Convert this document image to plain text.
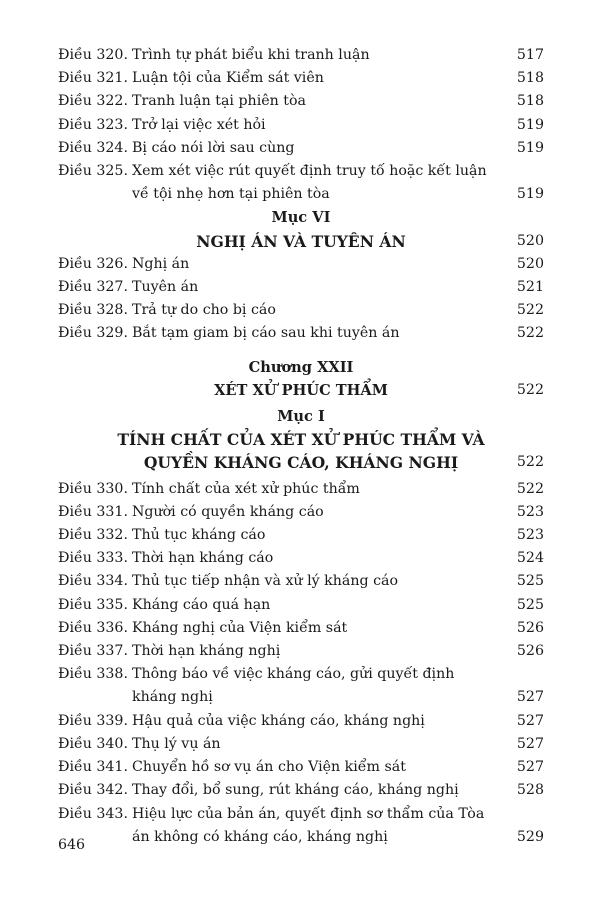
Điều 320. Trình tự phát biểu khi tranh luận	517
Điều 321. Luận tội của Kiểm sát viên	518
Điều 322. Tranh luận tại phiên tòa	518
Điều 323. Trở lại việc xét hỏi	519
Điều 324. Bị cáo nói lời sau cùng	519
Điều 325. Xem xét việc rút quyết định truy tố hoặc kết luận về tội nhẹ hơn tại phiên tòa	519
Mục VI
NGHỊ ÁN VÀ TUYÊN ÁN	520
Điều 326. Nghị án	520
Điều 327. Tuyên án	521
Điều 328. Trả tự do cho bị cáo	522
Điều 329. Bắt tạm giam bị cáo sau khi tuyên án	522
Chương XXII
XÉT XỬ PHÚC THẨM	522
Mục I
TÍNH CHẤT CỦA XÉT XỬ PHÚC THẨM VÀ QUYỀN KHÁNG CÁO, KHÁNG NGHỊ	522
Điều 330. Tính chất của xét xử phúc thẩm	522
Điều 331. Người có quyền kháng cáo	523
Điều 332. Thủ tục kháng cáo	523
Điều 333. Thời hạn kháng cáo	524
Điều 334. Thủ tục tiếp nhận và xử lý kháng cáo	525
Điều 335. Kháng cáo quá hạn	525
Điều 336. Kháng nghị của Viện kiểm sát	526
Điều 337. Thời hạn kháng nghị	526
Điều 338. Thông báo về việc kháng cáo, gửi quyết định kháng nghị	527
Điều 339. Hậu quả của việc kháng cáo, kháng nghị	527
Điều 340. Thụ lý vụ án	527
Điều 341. Chuyển hồ sơ vụ án cho Viện kiểm sát	527
Điều 342. Thay đổi, bổ sung, rút kháng cáo, kháng nghị	528
Điều 343. Hiệu lực của bản án, quyết định sơ thẩm của Tòa án không có kháng cáo, kháng nghị	529
646
